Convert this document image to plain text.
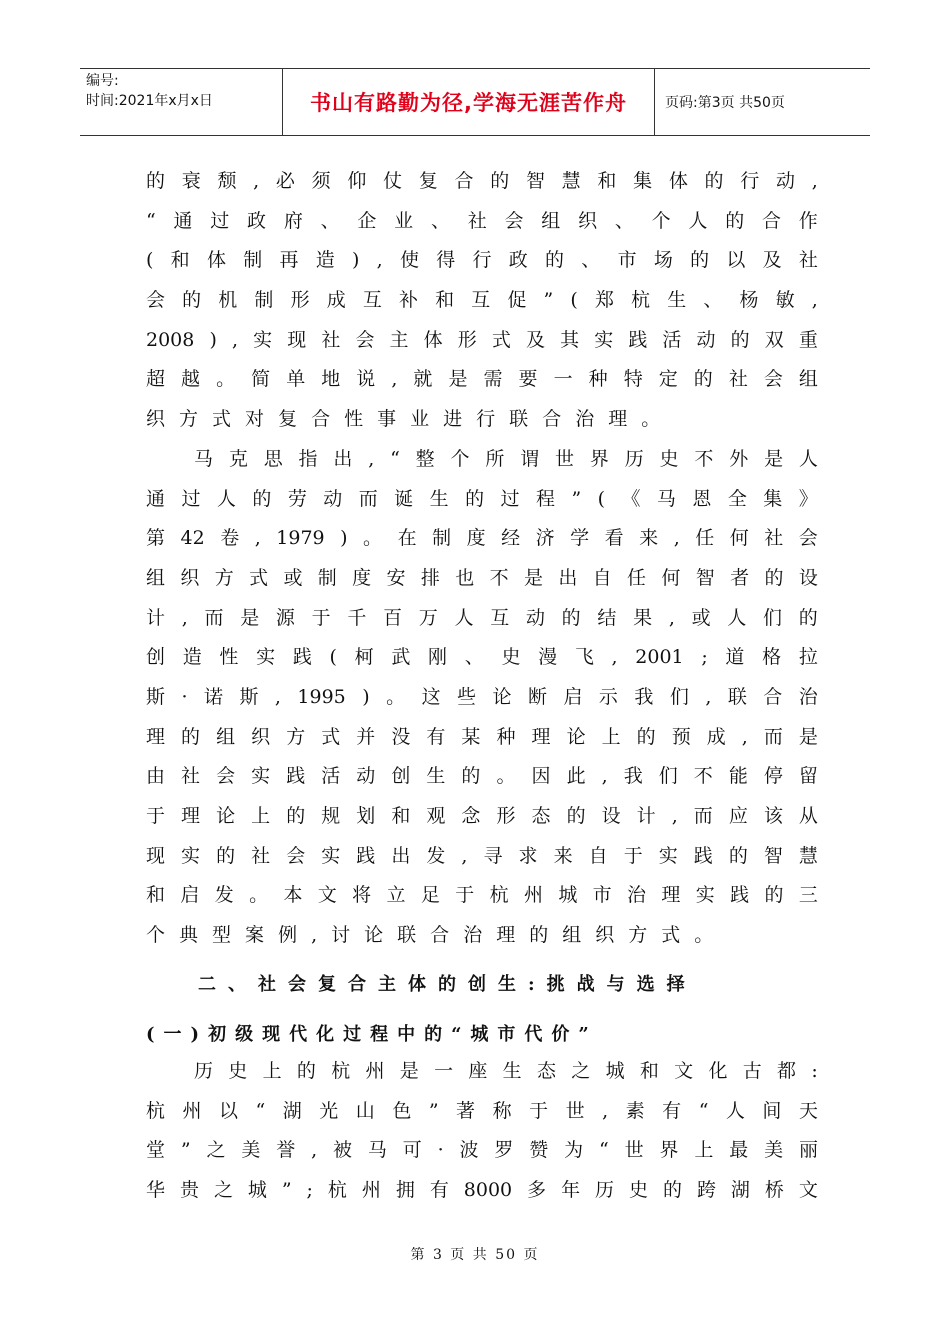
编号:
时间:2021年x月x日	书山有路勤为径,学海无涯苦作舟	页码:第3页 共50页
的 衰 颓 , 必 须 仰 仗 复 合 的 智 慧 和 集 体 的 行 动 ,
“ 通 过 政 府 、 企 业 、 社 会 组 织 、 个 人 的 合 作
( 和 体 制 再 造 ) , 使 得 行 政 的 、 市 场 的 以 及 社
会 的 机 制 形 成 互 补 和 互 促 ” ( 郑 杭 生 、 杨 敏 ,
2008 ) , 实 现 社 会 主 体 形 式 及 其 实 践 活 动 的 双 重
超 越 。 简 单 地 说 , 就 是 需 要 一 种 特 定 的 社 会 组
织 方 式 对 复 合 性 事 业 进 行 联 合 治 理 。
马 克 思 指 出 , “ 整 个 所 谓 世 界 历 史 不 外 是 人
通 过 人 的 劳 动 而 诞 生 的 过 程 ” ( 《 马 恩 全 集 》
第 42 卷 , 1979 ) 。 在 制 度 经 济 学 看 来 , 任 何 社 会
组 织 方 式 或 制 度 安 排 也 不 是 出 自 任 何 智 者 的 设
计 , 而 是 源 于 千 百 万 人 互 动 的 结 果 , 或 人 们 的
创 造 性 实 践 ( 柯 武 刚 、 史 漫 飞 , 2001 ; 道 格 拉
斯 · 诺 斯 , 1995 ) 。 这 些 论 断 启 示 我 们 , 联 合 治
理 的 组 织 方 式 并 没 有 某 种 理 论 上 的 预 成 , 而 是
由 社 会 实 践 活 动 创 生 的 。 因 此 , 我 们 不 能 停 留
于 理 论 上 的 规 划 和 观 念 形 态 的 设 计 , 而 应 该 从
现 实 的 社 会 实 践 出 发 , 寻 求 来 自 于 实 践 的 智 慧
和 启 发 。 本 文 将 立 足 于 杭 州 城 市 治 理 实 践 的 三
个 典 型 案 例 , 讨 论 联 合 治 理 的 组 织 方 式 。
二 、 社 会 复 合 主 体 的 创 生 : 挑 战 与 选 择
( 一 ) 初 级 现 代 化 过 程 中 的 “ 城 市 代 价 ”
历 史 上 的 杭 州 是 一 座 生 态 之 城 和 文 化 古 都 :
杭 州 以 “ 湖 光 山 色 ” 著 称 于 世 , 素 有 “ 人 间 天
堂 ” 之 美 誉 , 被 马 可 · 波 罗 赞 为 “ 世 界 上 最 美 丽
华 贵 之 城 ” ; 杭 州 拥 有 8000 多 年 历 史 的 跨 湖 桥 文
第 3 页 共 50 页
